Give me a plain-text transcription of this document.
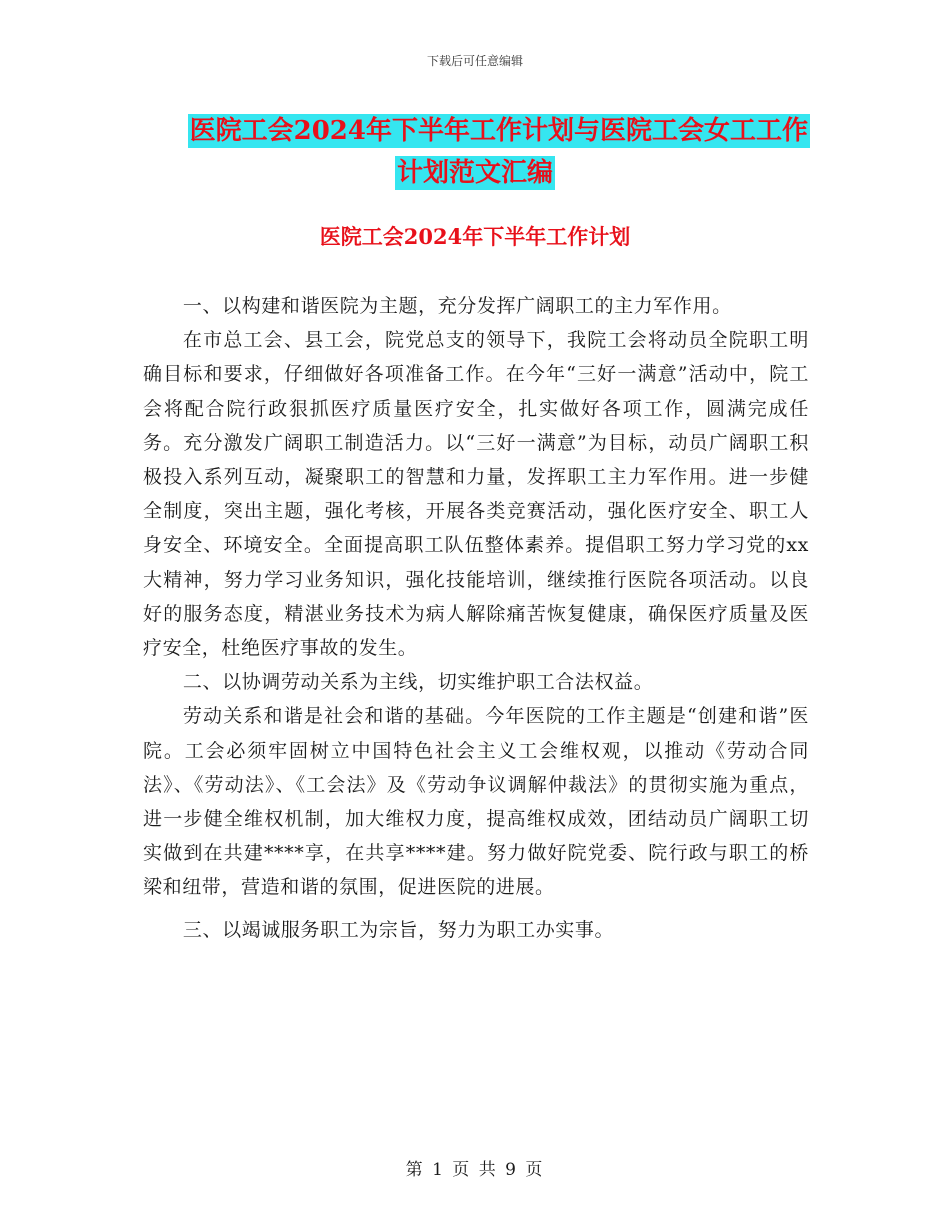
下载后可任意编辑
医院工会2024年下半年工作计划与医院工会女工工作
计划范文汇编
医院工会2024年下半年工作计划

一、以构建和谐医院为主题，充分发挥广阔职工的主力军作用。

在市总工会、县工会，院党总支的领导下，我院工会将动员全院职工明确目标和要求，仔细做好各项准备工作。在今年“三好一满意”活动中，院工会将配合院行政狠抓医疗质量医疗安全，扎实做好各项工作，圆满完成任务。充分激发广阔职工制造活力。以“三好一满意”为目标，动员广阔职工积极投入系列互动，凝聚职工的智慧和力量，发挥职工主力军作用。进一步健全制度，突出主题，强化考核，开展各类竞赛活动，强化医疗安全、职工人身安全、环境安全。全面提高职工队伍整体素养。提倡职工努力学习党的xx大精神，努力学习业务知识，强化技能培训，继续推行医院各项活动。以良好的服务态度，精湛业务技术为病人解除痛苦恢复健康，确保医疗质量及医疗安全，杜绝医疗事故的发生。

二、以协调劳动关系为主线，切实维护职工合法权益。

劳动关系和谐是社会和谐的基础。今年医院的工作主题是“创建和谐”医院。工会必须牢固树立中国特色社会主义工会维权观，以推动《劳动合同法》、《劳动法》、《工会法》及《劳动争议调解仲裁法》的贯彻实施为重点，进一步健全维权机制，加大维权力度，提高维权成效，团结动员广阔职工切实做到在共建****享，在共享****建。努力做好院党委、院行政与职工的桥梁和纽带，营造和谐的氛围，促进医院的进展。

三、以竭诚服务职工为宗旨，努力为职工办实事。

第 1 页 共 9 页
